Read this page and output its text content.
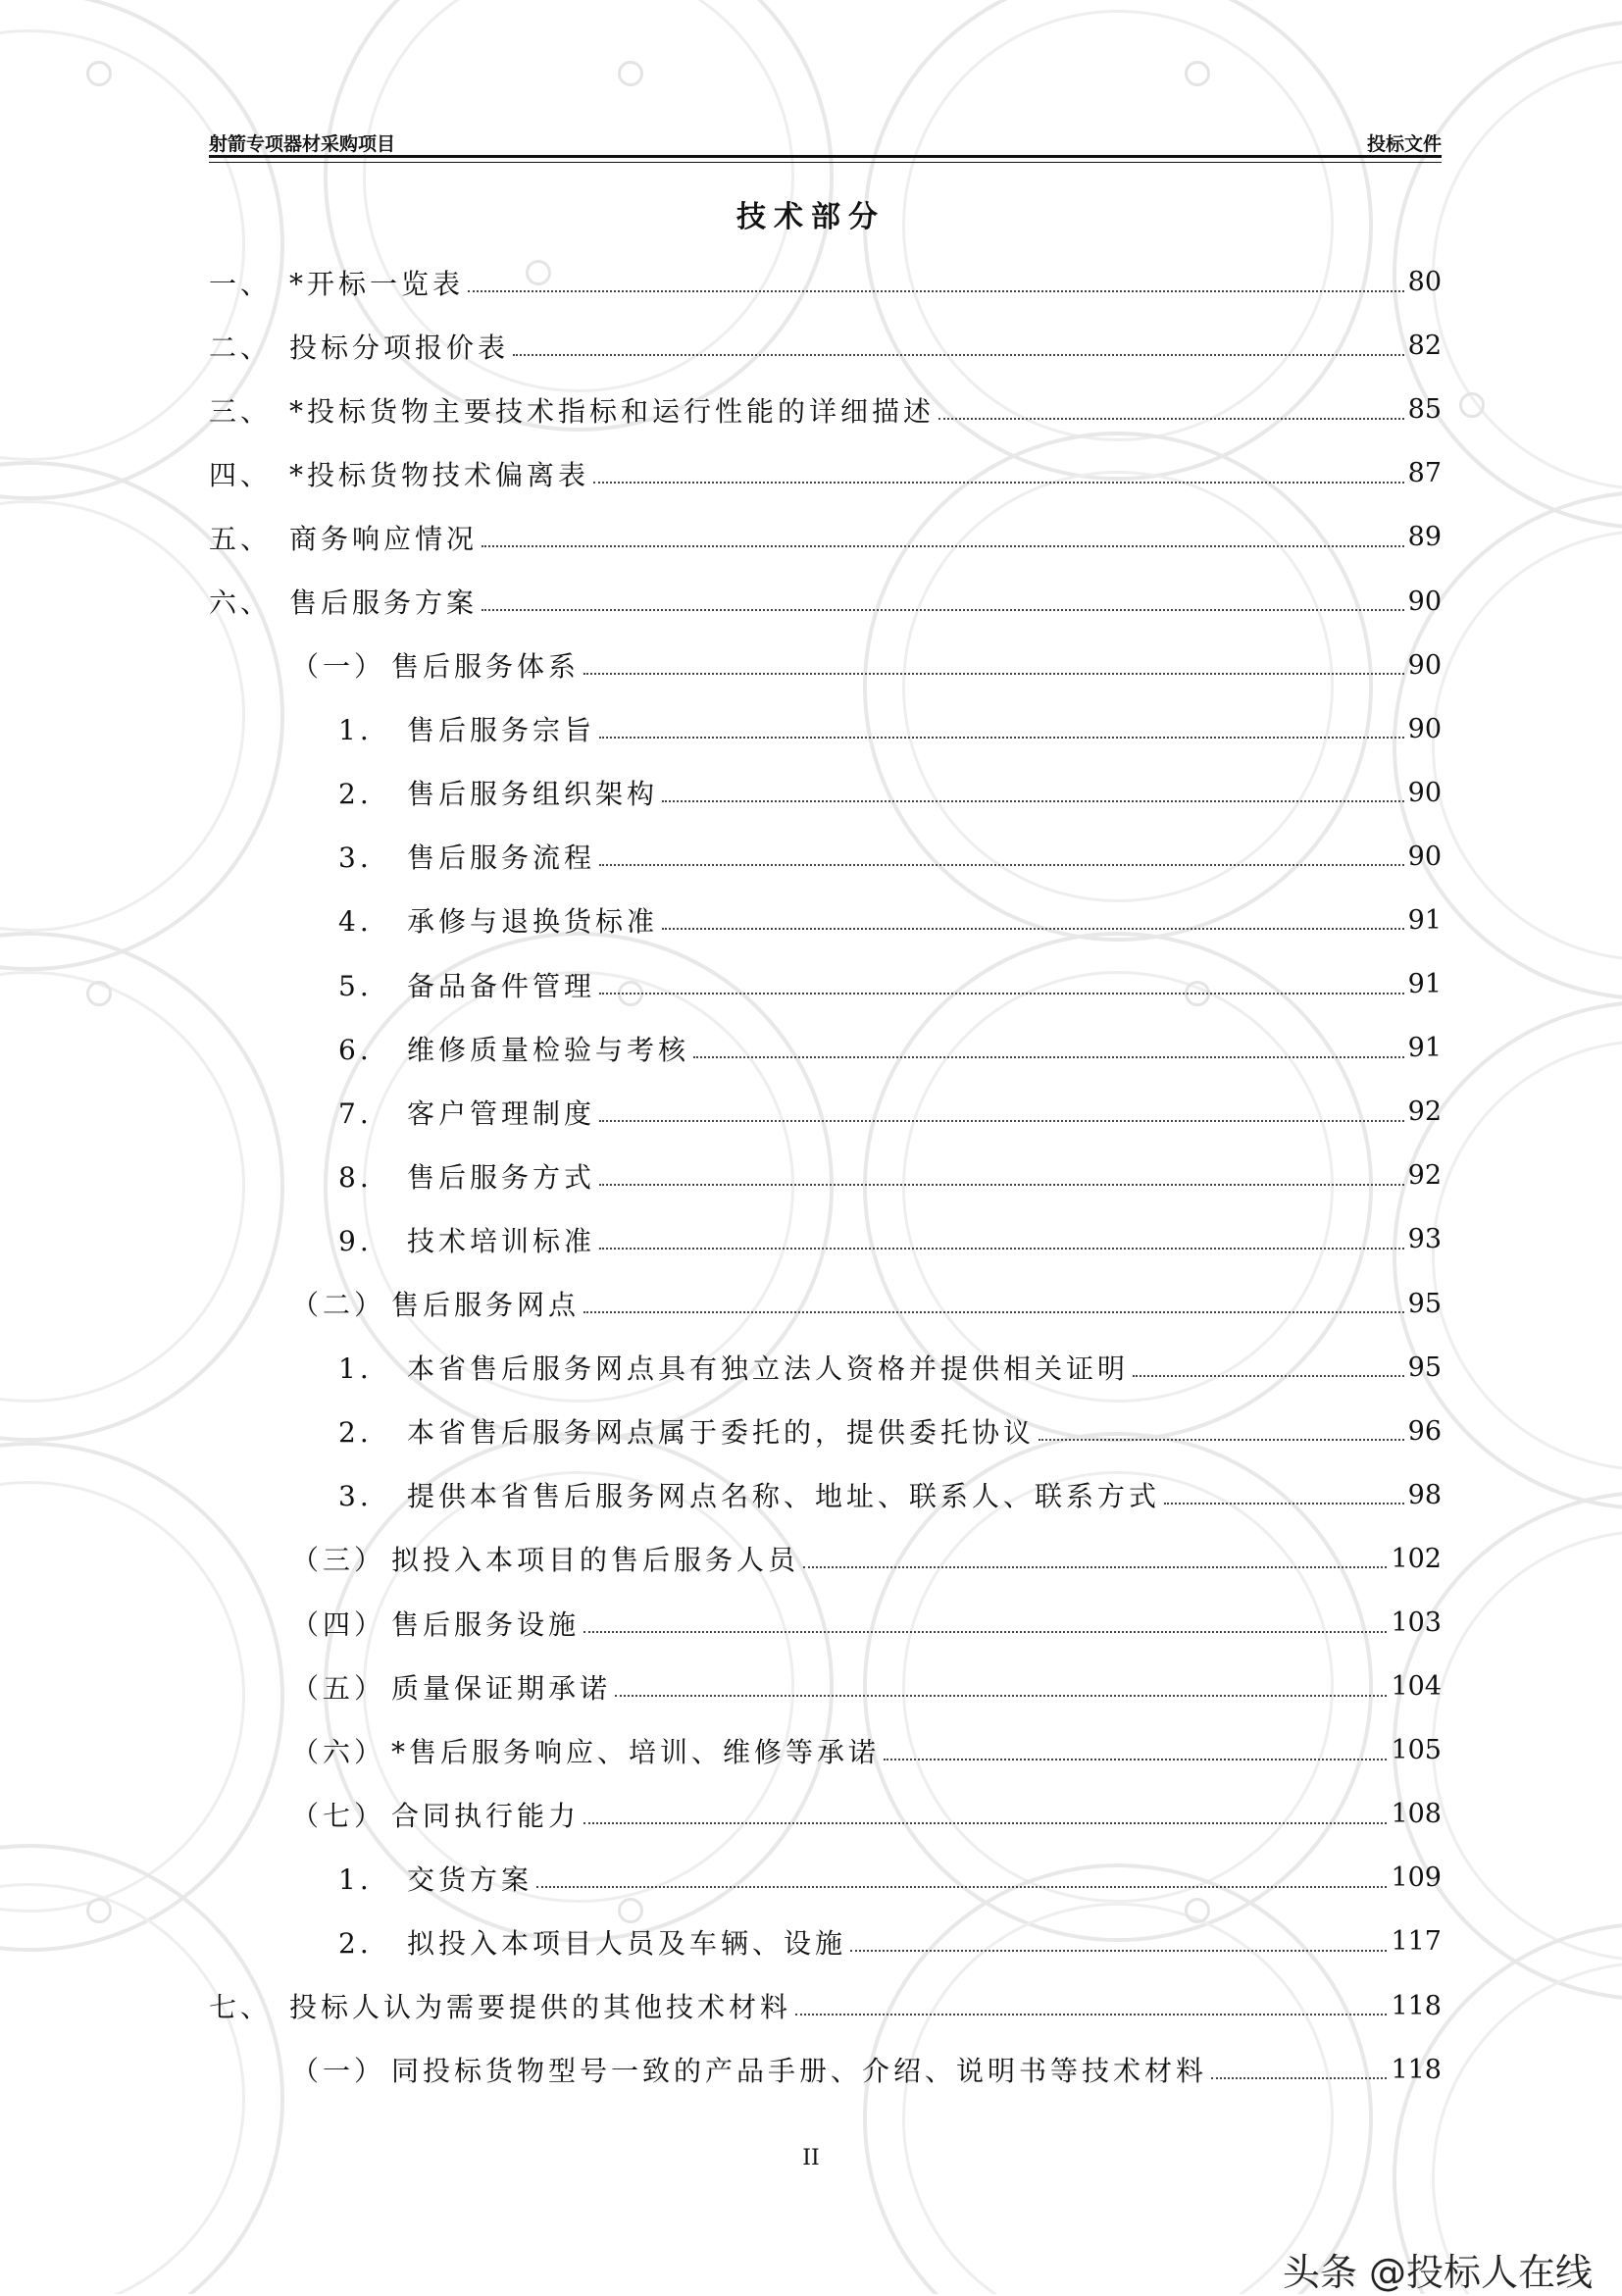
射箭专项器材采购项目	投标文件
技术部分
一、 *开标一览表	80
二、 投标分项报价表	82
三、 *投标货物主要技术指标和运行性能的详细描述	85
四、 *投标货物技术偏离表	87
五、 商务响应情况	89
六、 售后服务方案	90
（一） 售后服务体系	90
1. 售后服务宗旨	90
2. 售后服务组织架构	90
3. 售后服务流程	90
4. 承修与退换货标准	91
5. 备品备件管理	91
6. 维修质量检验与考核	91
7. 客户管理制度	92
8. 售后服务方式	92
9. 技术培训标准	93
（二） 售后服务网点	95
1. 本省售后服务网点具有独立法人资格并提供相关证明	95
2. 本省售后服务网点属于委托的，提供委托协议	96
3. 提供本省售后服务网点名称、地址、联系人、联系方式	98
（三） 拟投入本项目的售后服务人员	102
（四） 售后服务设施	103
（五） 质量保证期承诺	104
（六） *售后服务响应、培训、维修等承诺	105
（七） 合同执行能力	108
1. 交货方案	109
2. 拟投入本项目人员及车辆、设施	117
七、 投标人认为需要提供的其他技术材料	118
（一） 同投标货物型号一致的产品手册、介绍、说明书等技术材料	118
II
头条 @投标人在线
